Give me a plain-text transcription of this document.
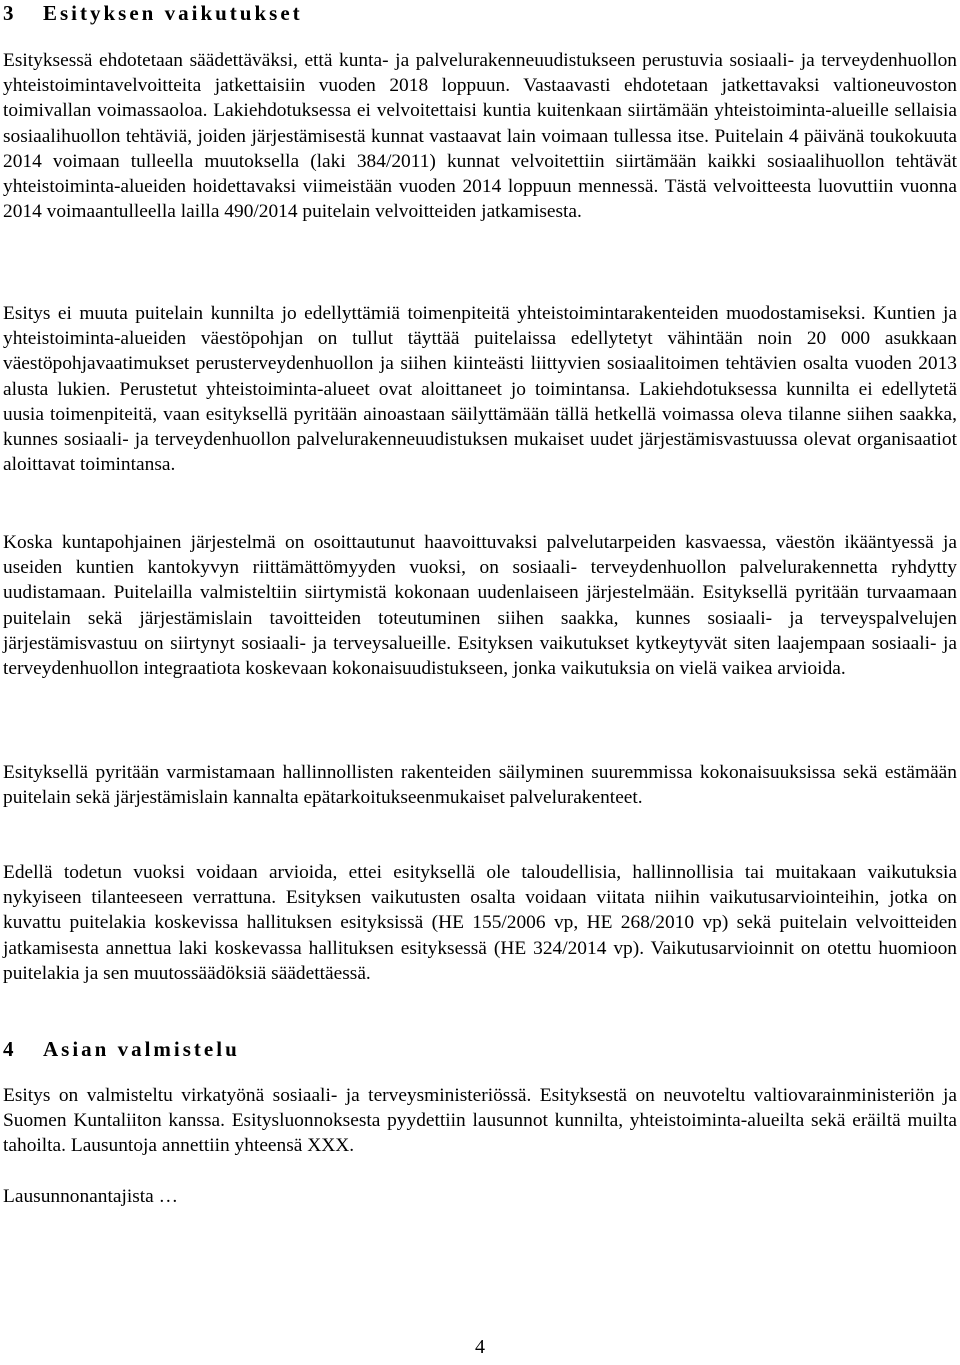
3 Esityksen vaikutukset

Esityksessä ehdotetaan säädettäväksi, että kunta- ja palvelurakenneuudistukseen perustuvia sosiaali- ja terveydenhuollon yhteistoimintavelvoitteita jatkettaisiin vuoden 2018 loppuun. Vastaavasti ehdotetaan jatkettavaksi valtioneuvoston toimivallan voimassaoloa. Lakiehdotuksessa ei velvoitettaisi kuntia kuitenkaan siirtämään yhteistoiminta-alueille sellaisia sosiaalihuollon tehtäviä, joiden järjestämisestä kunnat vastaavat lain voimaan tullessa itse. Puitelain 4 päivänä toukokuuta 2014 voimaan tulleella muutoksella (laki 384/2011) kunnat velvoitettiin siirtämään kaikki sosiaalihuollon tehtävät yhteistoiminta-alueiden hoidettavaksi viimeistään vuoden 2014 loppuun mennessä. Tästä velvoitteesta luovuttiin vuonna 2014 voimaantulleella lailla 490/2014 puitelain velvoitteiden jatkamisesta.

Esitys ei muuta puitelain kunnilta jo edellyttämiä toimenpiteitä yhteistoimintarakenteiden muodostamiseksi. Kuntien ja yhteistoiminta-alueiden väestöpohjan on tullut täyttää puitelaissa edellytetyt vähintään noin 20 000 asukkaan väestöpohjavaatimukset perusterveydenhuollon ja siihen kiinteästi liittyvien sosiaalitoimen tehtävien osalta vuoden 2013 alusta lukien. Perustetut yhteistoiminta-alueet ovat aloittaneet jo toimintansa. Lakiehdotuksessa kunnilta ei edellytetä uusia toimenpiteitä, vaan esityksellä pyritään ainoastaan säilyttämään tällä hetkellä voimassa oleva tilanne siihen saakka, kunnes sosiaali- ja terveydenhuollon palvelurakenneuudistuksen mukaiset uudet järjestämisvastuussa olevat organisaatiot aloittavat toimintansa.

Koska kuntapohjainen järjestelmä on osoittautunut haavoittuvaksi palvelutarpeiden kasvaessa, väestön ikääntyessä ja useiden kuntien kantokyvyn riittämättömyyden vuoksi, on sosiaali- terveydenhuollon palvelurakennetta ryhdytty uudistamaan. Puitelailla valmisteltiin siirtymistä kokonaan uudenlaiseen järjestelmään. Esityksellä pyritään turvaamaan puitelain sekä järjestämislain tavoitteiden toteutuminen siihen saakka, kunnes sosiaali- ja terveyspalvelujen järjestämisvastuu on siirtynyt sosiaali- ja terveysalueille. Esityksen vaikutukset kytkeytyvät siten laajempaan sosiaali- ja terveydenhuollon integraatiota koskevaan kokonaisuudistukseen, jonka vaikutuksia on vielä vaikea arvioida.

Esityksellä pyritään varmistamaan hallinnollisten rakenteiden säilyminen suuremmissa kokonaisuuksissa sekä estämään puitelain sekä järjestämislain kannalta epätarkoitukseenmukaiset palvelurakenteet.

Edellä todetun vuoksi voidaan arvioida, ettei esityksellä ole taloudellisia, hallinnollisia tai muitakaan vaikutuksia nykyiseen tilanteeseen verrattuna. Esityksen vaikutusten osalta voidaan viitata niihin vaikutusarviointeihin, jotka on kuvattu puitelakia koskevissa hallituksen esityksissä (HE 155/2006 vp, HE 268/2010 vp) sekä puitelain velvoitteiden jatkamisesta annettua laki koskevassa hallituksen esityksessä (HE 324/2014 vp). Vaikutusarvioinnit on otettu huomioon puitelakia ja sen muutossäädöksiä säädettäessä.

4 Asian valmistelu

Esitys on valmisteltu virkatyönä sosiaali- ja terveysministeriössä. Esityksestä on neuvoteltu valtiovarainministeriön ja Suomen Kuntaliiton kanssa. Esitysluonnoksesta pyydettiin lausunnot kunnilta, yhteistoiminta-alueilta sekä eräiltä muilta tahoilta. Lausuntoja annettiin yhteensä XXX.

Lausunnonantajista …

4
